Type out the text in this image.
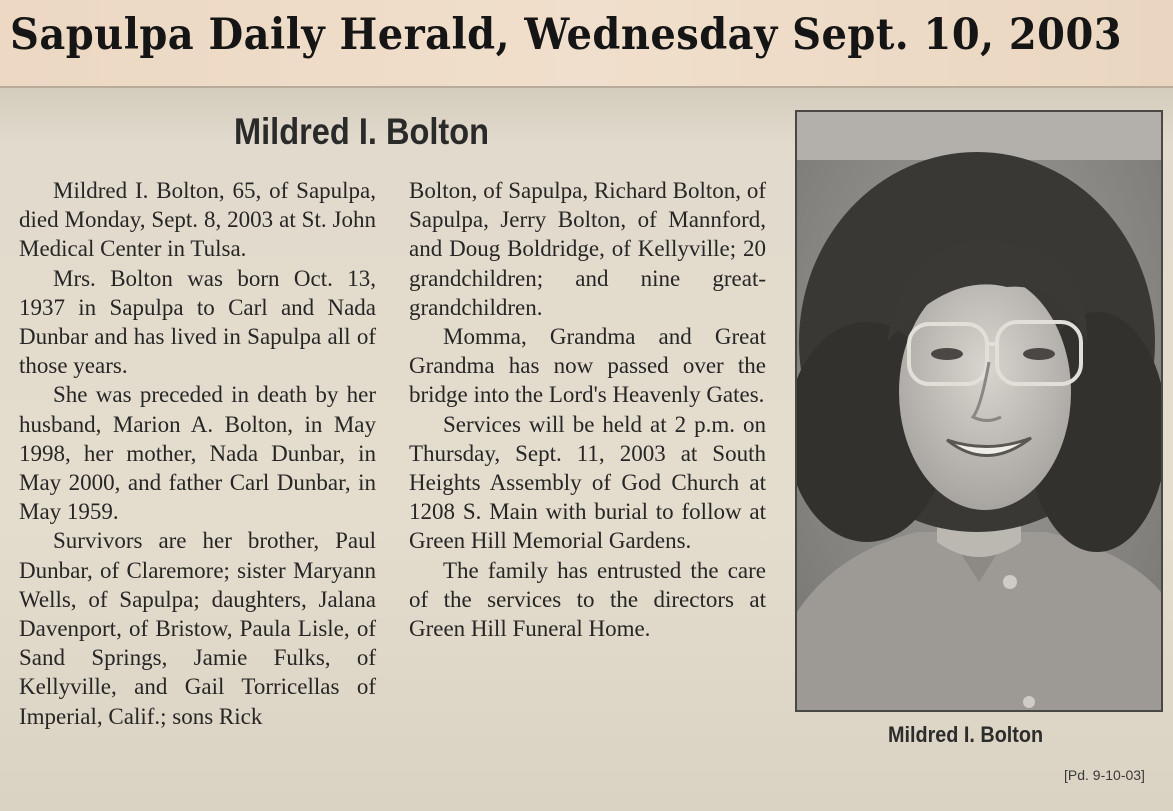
Sapulpa Daily Herald, Wednesday Sept. 10, 2003
Mildred I. Bolton

Mildred I. Bolton, 65, of Sapulpa, died Monday, Sept. 8, 2003 at St. John Medical Center in Tulsa.

Mrs. Bolton was born Oct. 13, 1937 in Sapulpa to Carl and Nada Dunbar and has lived in Sapulpa all of those years.

She was preceded in death by her husband, Marion A. Bolton, in May 1998, her mother, Nada Dunbar, in May 2000, and father Carl Dunbar, in May 1959.

Survivors are her brother, Paul Dunbar, of Claremore; sister Maryann Wells, of Sapulpa; daughters, Jalana Davenport, of Bristow, Paula Lisle, of Sand Springs, Jamie Fulks, of Kellyville, and Gail Torricellas of Imperial, Calif.; sons Rick

Bolton, of Sapulpa, Richard Bolton, of Sapulpa, Jerry Bolton, of Mannford, and Doug Boldridge, of Kellyville; 20 grandchildren; and nine great-grandchildren.

Momma, Grandma and Great Grandma has now passed over the bridge into the Lord's Heavenly Gates.

Services will be held at 2 p.m. on Thursday, Sept. 11, 2003 at South Heights Assembly of God Church at 1208 S. Main with burial to follow at Green Hill Memorial Gardens.

The family has entrusted the care of the services to the directors at Green Hill Funeral Home.

Mildred I. Bolton
[Pd. 9-10-03]
